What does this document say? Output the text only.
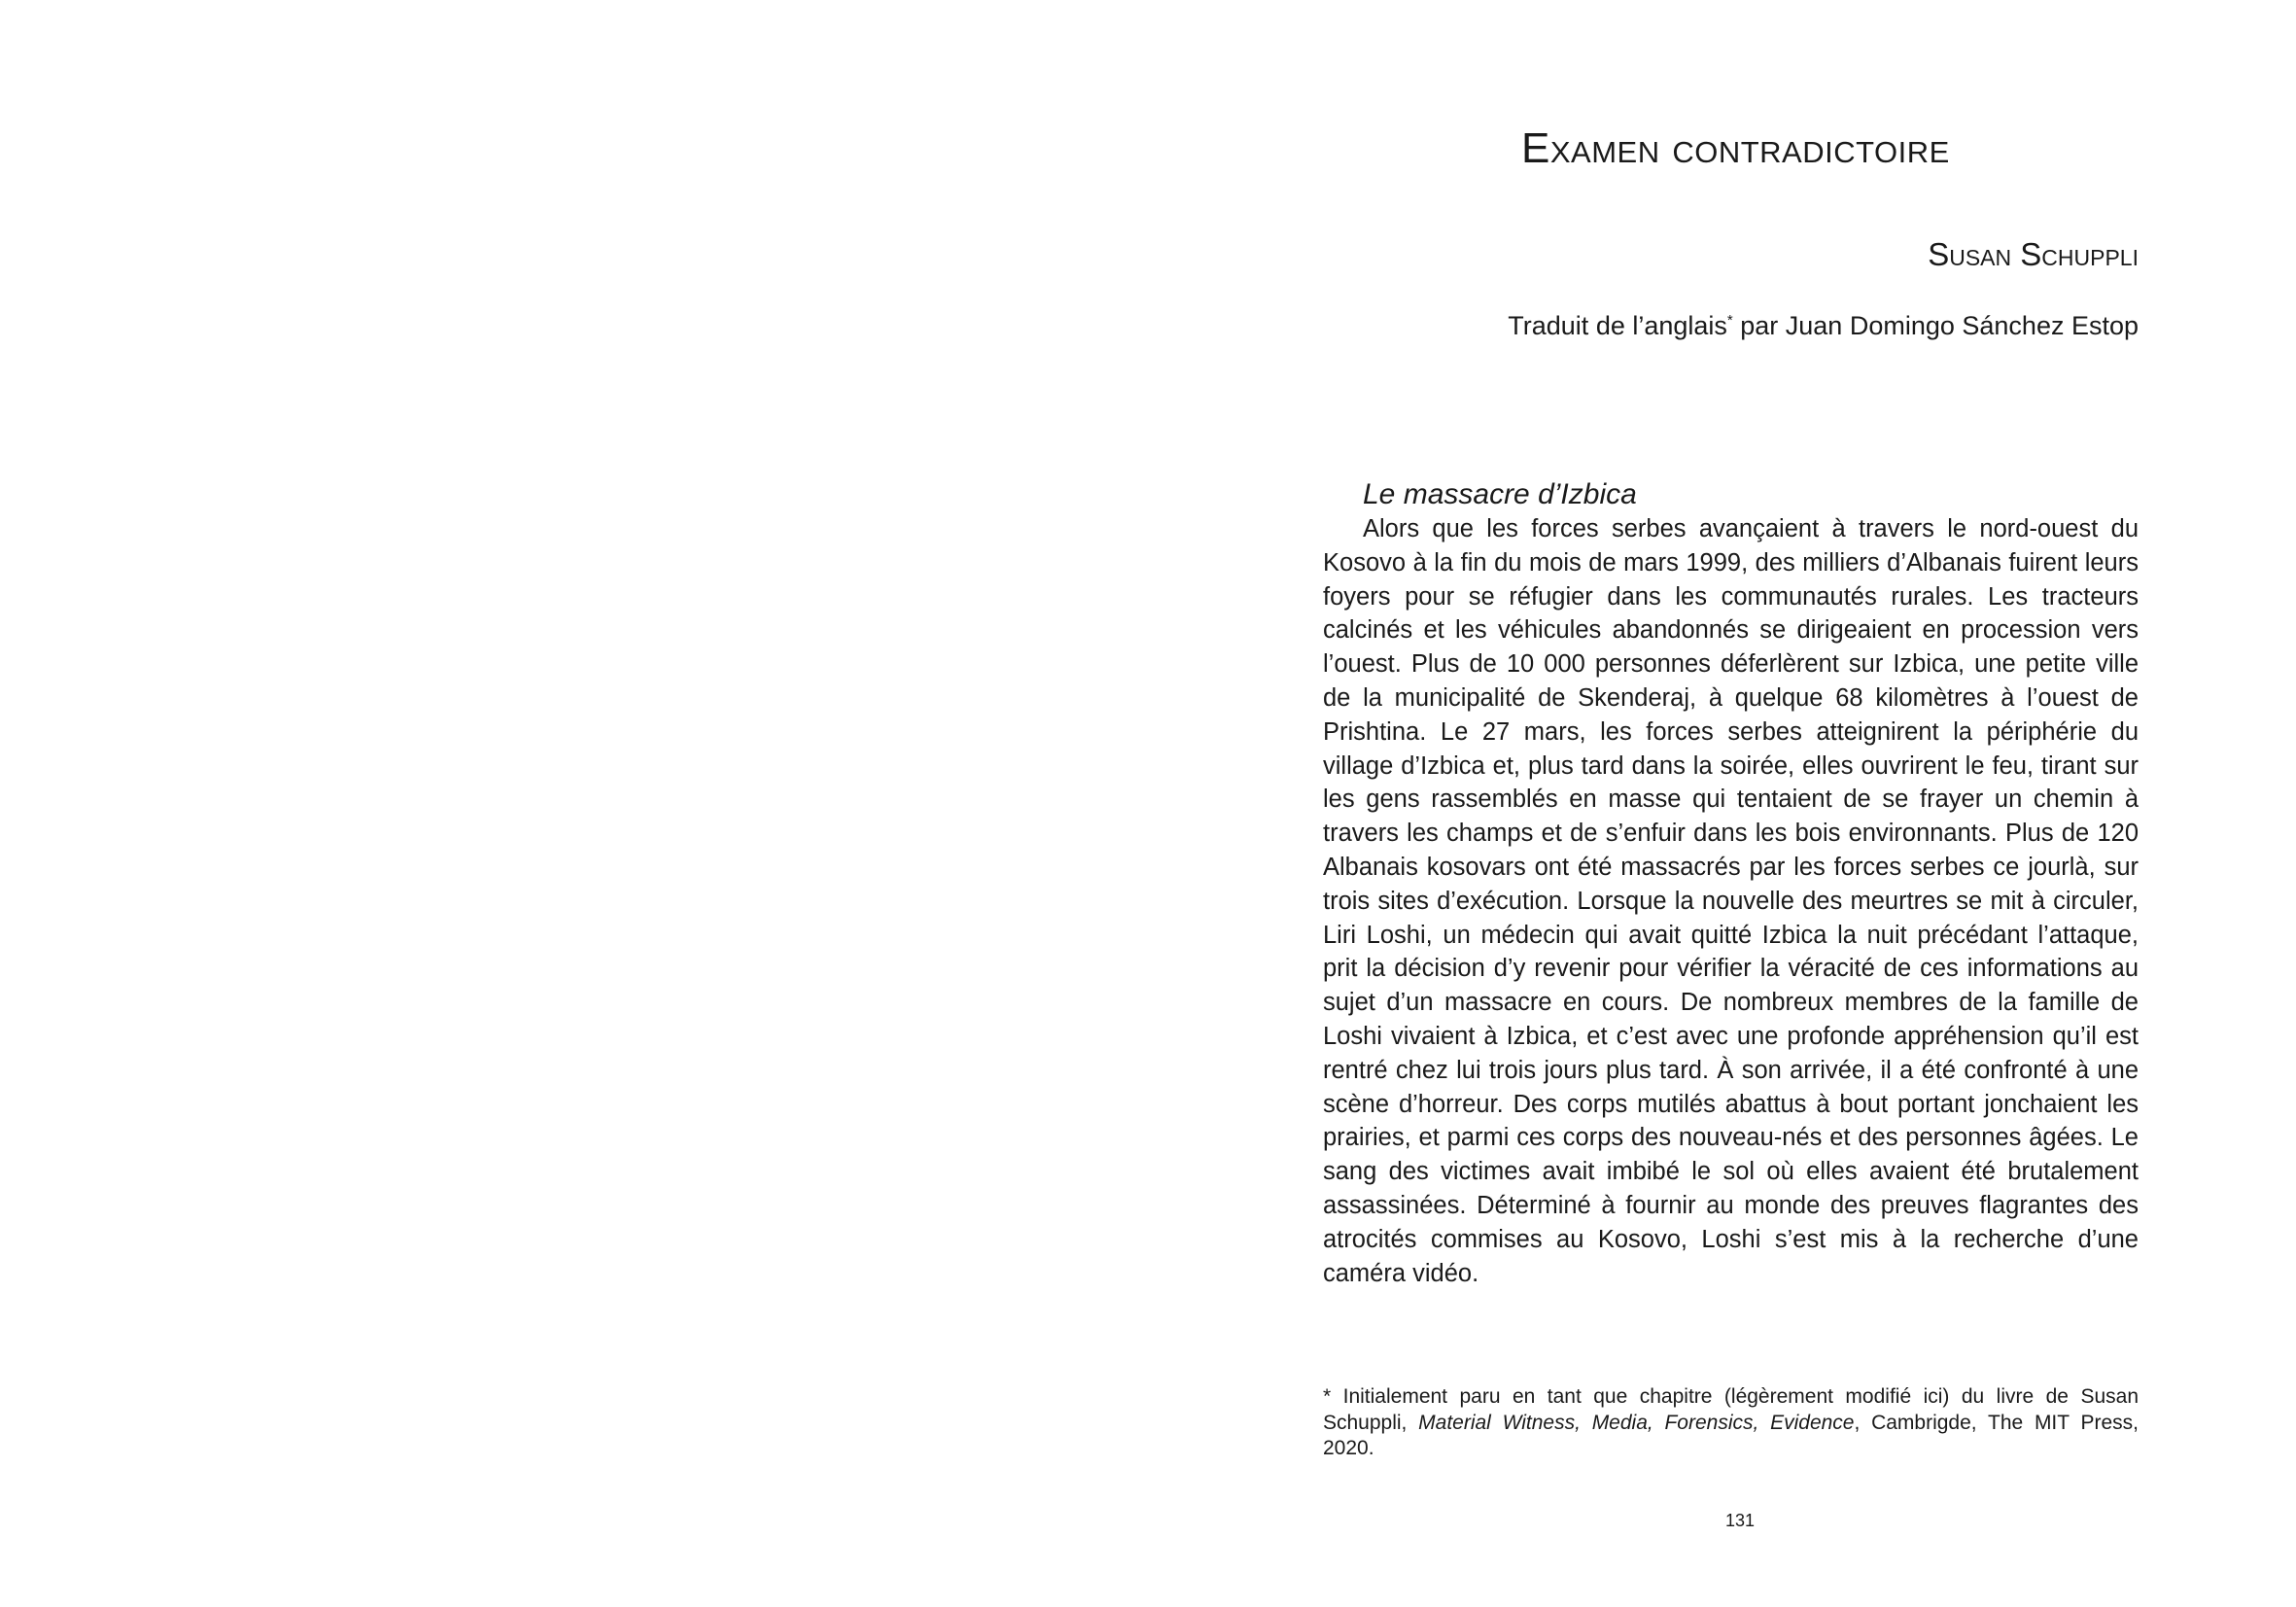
Examen contradictoire
Susan Schuppli
Traduit de l’anglais* par Juan Domingo Sánchez Estop
Le massacre d’Izbica

Alors que les forces serbes avançaient à travers le nord-ouest du Kosovo à la fin du mois de mars 1999, des milliers d’Albanais fuirent leurs foyers pour se réfugier dans les communautés rurales. Les tracteurs calcinés et les véhicules abandonnés se dirigeaient en procession vers l’ouest. Plus de 10 000 personnes déferlèrent sur Izbica, une petite ville de la municipalité de Skenderaj, à quelque 68 kilomètres à l’ouest de Prishtina. Le 27 mars, les forces serbes atteignirent la périphérie du village d’Izbica et, plus tard dans la soirée, elles ouvrirent le feu, tirant sur les gens rassemblés en masse qui tentaient de se frayer un chemin à travers les champs et de s’enfuir dans les bois environnants. Plus de 120 Albanais kosovars ont été massacrés par les forces serbes ce jourlà, sur trois sites d’exécution. Lorsque la nouvelle des meurtres se mit à circuler, Liri Loshi, un médecin qui avait quitté Izbica la nuit précédant l’attaque, prit la décision d’y revenir pour vérifier la véracité de ces informations au sujet d’un massacre en cours. De nombreux membres de la famille de Loshi vivaient à Izbica, et c’est avec une profonde appréhension qu’il est rentré chez lui trois jours plus tard. À son arrivée, il a été confronté à une scène d’horreur. Des corps mutilés abattus à bout portant jonchaient les prairies, et parmi ces corps des nouveau-nés et des personnes âgées. Le sang des victimes avait imbibé le sol où elles avaient été brutalement assassinées. Déterminé à fournir au monde des preuves flagrantes des atrocités commises au Kosovo, Loshi s’est mis à la recherche d’une caméra vidéo.

* Initialement paru en tant que chapitre (légèrement modifié ici) du livre de Susan Schuppli, Material Witness, Media, Forensics, Evidence, Cambrigde, The MIT Press, 2020.

131
